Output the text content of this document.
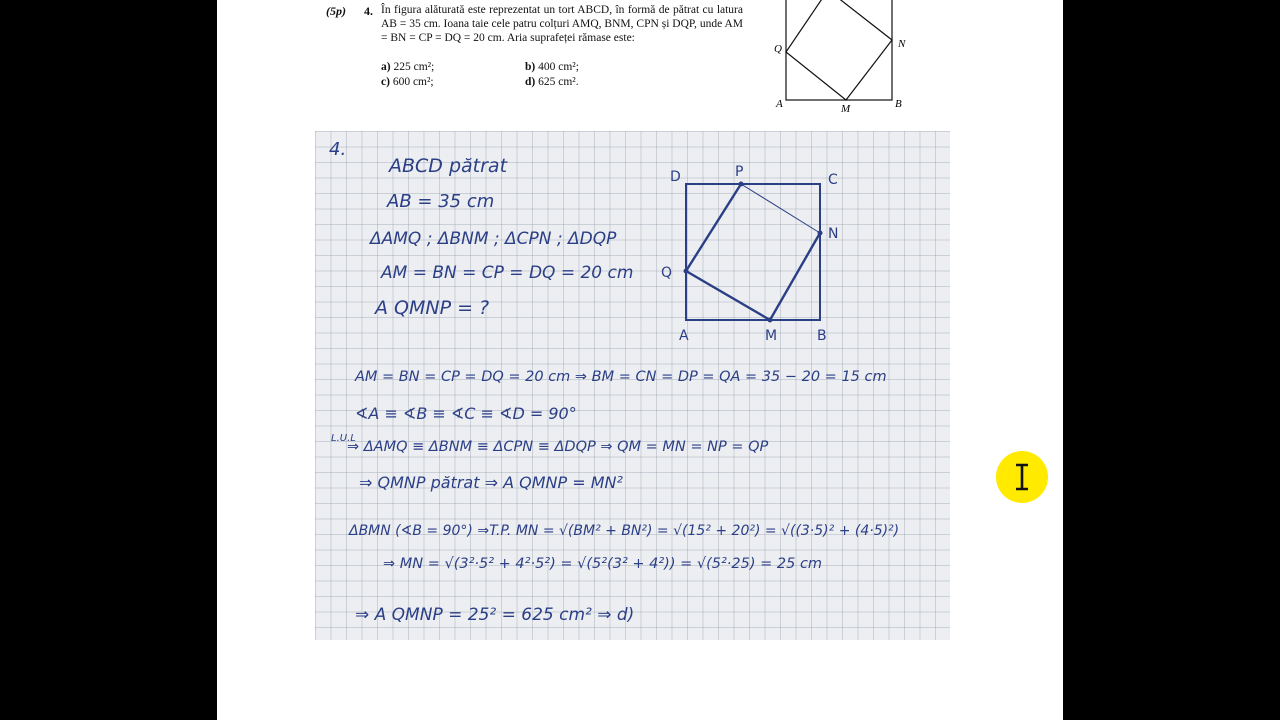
(5p) 4. În figura alăturată este reprezentat un tort ABCD, în formă de pătrat cu latura AB = 35 cm. Ioana taie cele patru colțuri AMQ, BNM, CPN și DQP, unde AM = BN = CP = DQ = 20 cm. Aria suprafeței rămase este:
a) 225 cm²;	b) 400 cm²;
c) 600 cm²;	d) 625 cm².
Q	N
A	M	B
4.
ABCD pătrat
AB = 35 cm
ΔAMQ ; ΔBNM ; ΔCPN ; ΔDQP
AM = BN = CP = DQ = 20 cm
A QMNP = ?
D	P	C
N
Q
A	M	B
AM = BN = CP = DQ = 20 cm ⇒ BM = CN = DP = QA = 35 − 20 = 15 cm
∢A ≡ ∢B ≡ ∢C ≡ ∢D = 90°
L.U.L
⇒ ΔAMQ ≡ ΔBNM ≡ ΔCPN ≡ ΔDQP ⇒ QM = MN = NP = QP
⇒ QMNP pătrat ⇒ A QMNP = MN²
ΔBMN (∢B = 90°) ⇒T.P. MN = √(BM² + BN²) = √(15² + 20²) = √((3·5)² + (4·5)²)
⇒ MN = √(3²·5² + 4²·5²) = √(5²(3² + 4²)) = √(5²·25) = 25 cm
⇒ A QMNP = 25² = 625 cm² ⇒ d)
